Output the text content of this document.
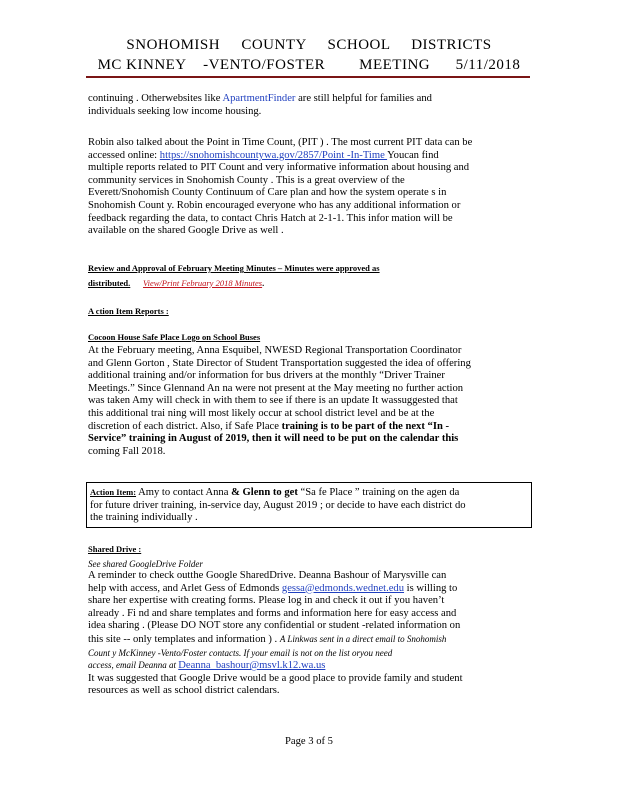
SNOHOMISH     COUNTY     SCHOOL     DISTRICTS
MC KINNEY    -VENTO/FOSTER        MEETING      5/11/2018
continuing . Otherwebsites like ApartmentFinder are still helpful for families and
individuals seeking low income housing.
Robin also talked about the Point in Time Count, (PIT ) . The most current PIT data can be
accessed online: https://snohomishcountywa.gov/2857/Point -In-Time Youcan find
multiple reports related to PIT Count and very informative information about housing and
community services in Snohomish County . This is a great overview of the
Everett/Snohomish County Continuum of Care plan and how the system operate s in
Snohomish Count y. Robin encouraged everyone who has any additional information or
feedback regarding the data, to contact Chris Hatch at 2-1-1. This infor mation will be
available on the shared Google Drive as well .
Review and Approval of February Meeting Minutes – Minutes were approved as
distributed. View/Print February 2018 Minutes.
A ction Item Reports :
Cocoon House Safe Place Logo on School Buses
At the February meeting, Anna Esquibel, NWESD Regional Transportation Coordinator
and Glenn Gorton , State Director of Student Transportation suggested the idea of offering
additional training and/or information for bus drivers at the monthly “Driver Trainer
Meetings.” Since Glennand An na were not present at the May meeting no further action
was taken Amy will check in with them to see if there is an update It wassuggested that
this additional trai ning will most likely occur at school district level and be at the
discretion of each district. Also, if Safe Place training is to be part of the next “In -
Service” training in August of 2019, then it will need to be put on the calendar this
coming Fall 2018.
Action Item: Amy to contact Anna & Glenn to get “Sa fe Place ” training on the agen da
for future driver training, in-service day, August 2019 ; or decide to have each district do
the training individually .
Shared Drive :
See shared GoogleDrive Folder
A reminder to check outthe Google SharedDrive. Deanna Bashour of Marysville can
help with access, and Arlet Gess of Edmonds gessa@edmonds.wednet.edu is willing to
share her expertise with creating forms. Please log in and check it out if you haven’t
already . Fi nd and share templates and forms and information here for easy access and
idea sharing . (Please DO NOT store any confidential or student -related information on
this site -- only templates and information ) . A Linkwas sent in a direct email to Snohomish
Count y McKinney -Vento/Foster contacts. If your email is not on the list oryou need
access, email Deanna at Deanna_bashour@msvl.k12.wa.us
It was suggested that Google Drive would be a good place to provide family and student
resources as well as school district calendars.
Page 3 of 5
